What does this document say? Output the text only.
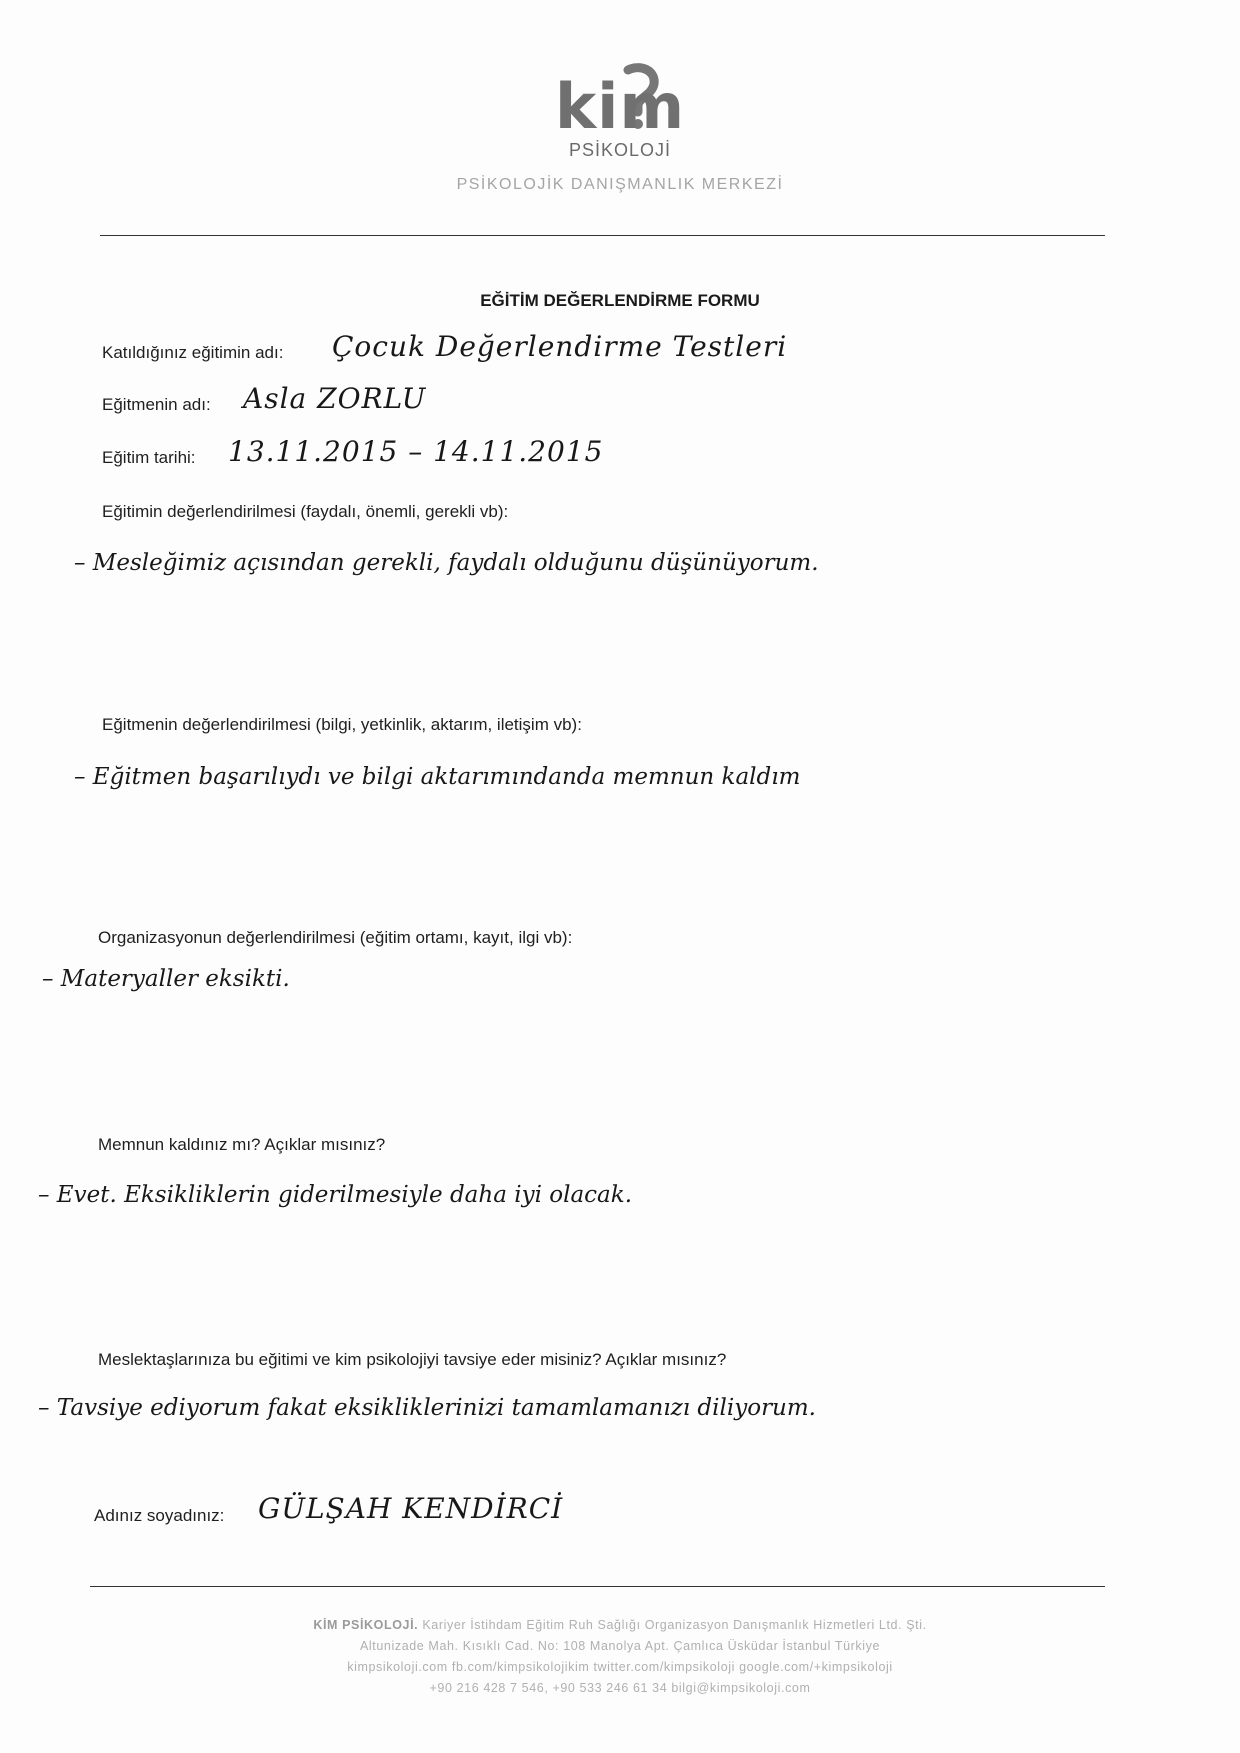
kim
PSİKOLOJİ
PSİKOLOJİK DANIŞMANLIK MERKEZİ
EĞİTİM DEĞERLENDİRME FORMU
Katıldığınız eğitimin adı: Çocuk Değerlendirme Testleri
Eğitmenin adı: Asla ZORLU
Eğitim tarihi: 13.11.2015 – 14.11.2015
Eğitimin değerlendirilmesi (faydalı, önemli, gerekli vb):
– Mesleğimiz açısından gerekli, faydalı olduğunu düşünüyorum.
Eğitmenin değerlendirilmesi (bilgi, yetkinlik, aktarım, iletişim vb):
– Eğitmen başarılıydı ve bilgi aktarımındanda memnun kaldım
Organizasyonun değerlendirilmesi (eğitim ortamı, kayıt, ilgi vb):
– Materyaller eksikti.
Memnun kaldınız mı? Açıklar mısınız?
– Evet. Eksikliklerin giderilmesiyle daha iyi olacak.
Meslektaşlarınıza bu eğitimi ve kim psikolojiyi tavsiye eder misiniz? Açıklar mısınız?
– Tavsiye ediyorum fakat eksikliklerinizi tamamlamanızı diliyorum.
Adınız soyadınız: GÜLŞAH KENDİRCİ
KİM PSİKOLOJİ. Kariyer İstihdam Eğitim Ruh Sağlığı Organizasyon Danışmanlık Hizmetleri Ltd. Şti.
Altunizade Mah. Kısıklı Cad. No: 108 Manolya Apt. Çamlıca Üsküdar İstanbul Türkiye
kimpsikoloji.com fb.com/kimpsikolojikim twitter.com/kimpsikoloji google.com/+kimpsikoloji
+90 216 428 7 546, +90 533 246 61 34 bilgi@kimpsikoloji.com
